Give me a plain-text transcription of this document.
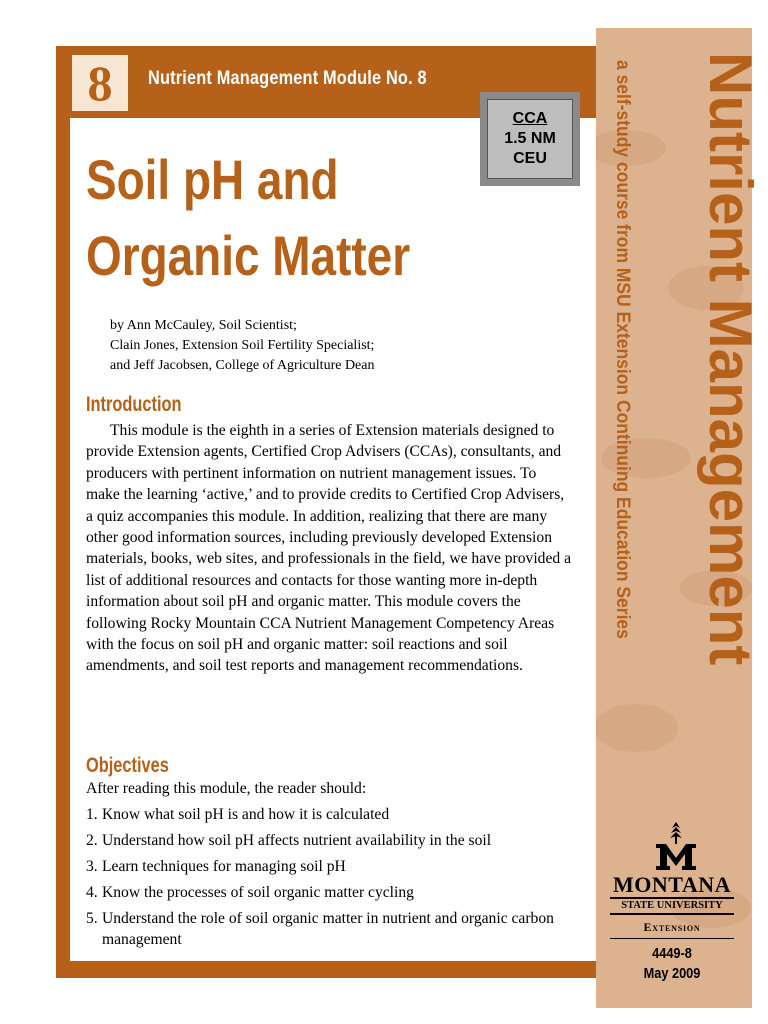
8	Nutrient Management Module No. 8
CCA
1.5 NM
CEU
Soil pH and
Organic Matter
by Ann McCauley, Soil Scientist;
Clain Jones, Extension Soil Fertility Specialist;
and Jeff Jacobsen, College of Agriculture Dean
Introduction

This module is the eighth in a series of Extension materials designed to provide Extension agents, Certified Crop Advisers (CCAs), consultants, and producers with pertinent information on nutrient management issues. To make the learning ‘active,’ and to provide credits to Certified Crop Advisers, a quiz accompanies this module. In addition, realizing that there are many other good information sources, including previously developed Extension materials, books, web sites, and professionals in the field, we have provided a list of additional resources and contacts for those wanting more in-depth information about soil pH and organic matter. This module covers the following Rocky Mountain CCA Nutrient Management Competency Areas with the focus on soil pH and organic matter: soil reactions and soil amendments, and soil test reports and management recommendations.

Objectives
After reading this module, the reader should:
1. Know what soil pH is and how it is calculated
2. Understand how soil pH affects nutrient availability in the soil
3. Learn techniques for managing soil pH
4. Know the processes of soil organic matter cycling
5. Understand the role of soil organic matter in nutrient and organic carbon management
Nutrient Management
a self-study course from MSU Extension Continuing Education Series
MONTANA
STATE UNIVERSITY
Extension
4449-8
May 2009
